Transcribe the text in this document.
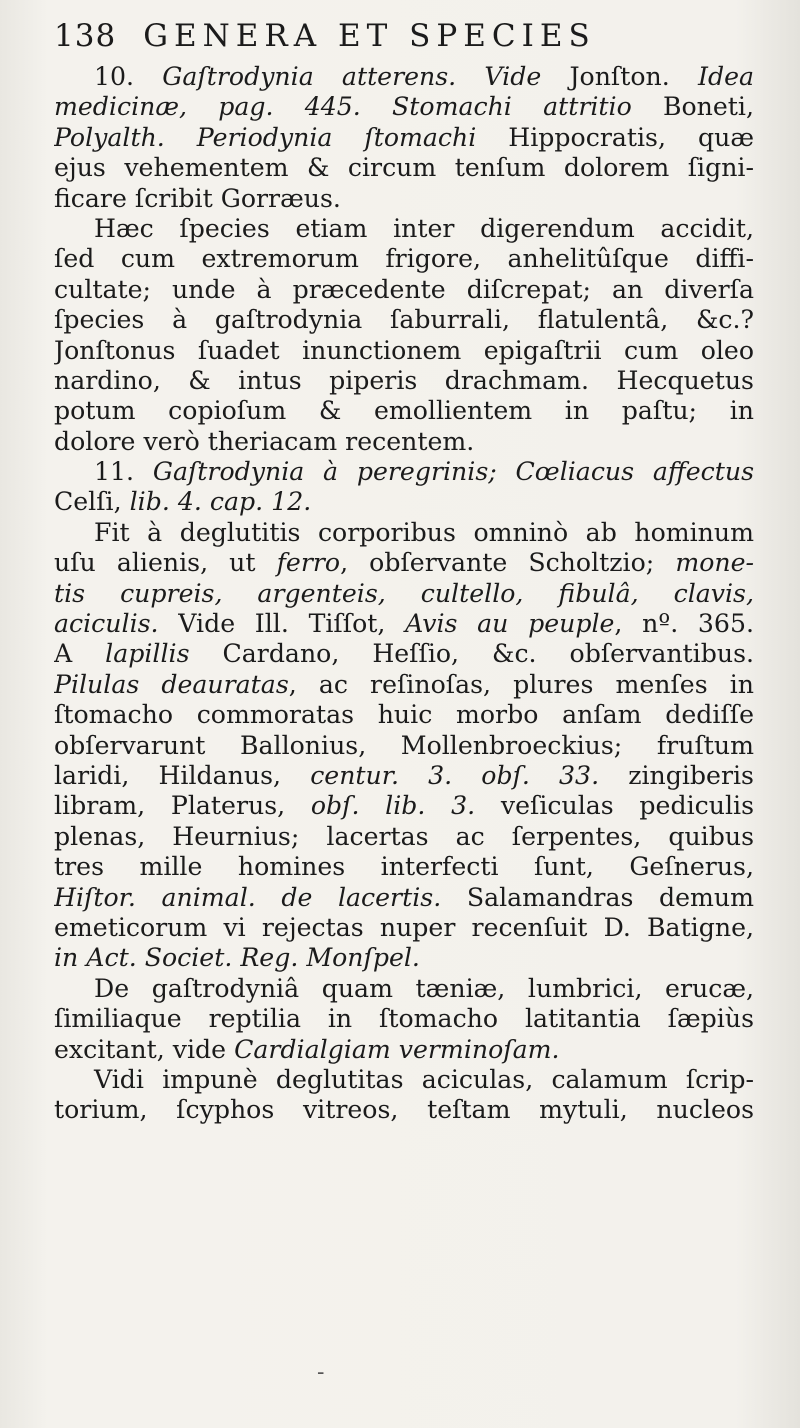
138 GENERA ET SPECIES
10. Gaſtrodynia atterens. Vide Jonſton. Idea
medicinæ, pag. 445. Stomachi attritio Boneti,
Polyalth. Periodynia ſtomachi Hippocratis, quæ
ejus vehementem & circum tenſum dolorem ſigni-
ficare ſcribit Gorræus.
Hæc ſpecies etiam inter digerendum accidit,
ſed cum extremorum frigore, anhelitûſque diffi-
cultate; unde à præcedente diſcrepat; an diverſa
ſpecies à gaſtrodynia ſaburrali, flatulentâ, &c.?
Jonſtonus ſuadet inunctionem epigaſtrii cum oleo
nardino, & intus piperis drachmam. Hecquetus
potum copioſum & emollientem in paſtu; in
dolore verò theriacam recentem.
11. Gaſtrodynia à peregrinis; Cœliacus affectus
Celſi, lib. 4. cap. 12.
Fit à deglutitis corporibus omninò ab hominum
uſu alienis, ut ferro, obſervante Scholtzio; mone-
tis cupreis, argenteis, cultello, fibulâ, clavis,
aciculis. Vide Ill. Tiſſot, Avis au peuple, nº. 365.
A lapillis Cardano, Heſſio, &c. obſervantibus.
Pilulas deauratas, ac reſinoſas, plures menſes in
ſtomacho commoratas huic morbo anſam dediſſe
obſervarunt Ballonius, Mollenbroeckius; fruſtum
laridi, Hildanus, centur. 3. obſ. 33. zingiberis
libram, Platerus, obſ. lib. 3. veſiculas pediculis
plenas, Heurnius; lacertas ac ſerpentes, quibus
tres mille homines interfecti ſunt, Geſnerus,
Hiſtor. animal. de lacertis. Salamandras demum
emeticorum vi rejectas nuper recenſuit D. Batigne,
in Act. Societ. Reg. Monſpel.
De gaſtrodyniâ quam tæniæ, lumbrici, erucæ,
ſimiliaque reptilia in ſtomacho latitantia ſæpiùs
excitant, vide Cardialgiam verminoſam.
Vidi impunè deglutitas aciculas, calamum ſcrip-
torium, ſcyphos vitreos, teſtam mytuli, nucleos
-
